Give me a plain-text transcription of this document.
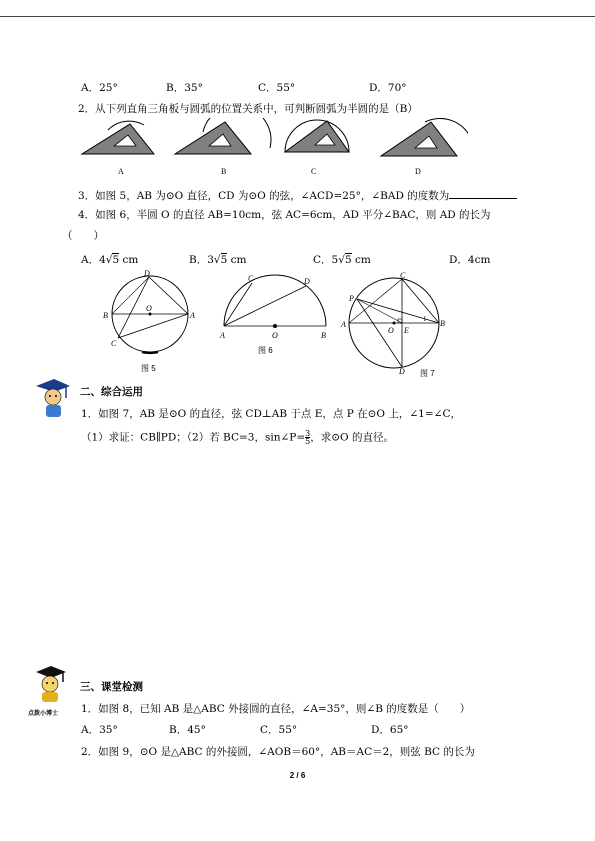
A．25°	B．35°	C．55°	D．70°
2．从下列直角三角板与圆弧的位置关系中，可判断圆弧为半圆的是（B）
A	B	C	D
3．如图 5，AB 为⊙O 直径，CD 为⊙O 的弦，∠ACD=25°，∠BAD 的度数为
4．如图 6，半圆 O 的直径 AB=10cm，弦 AC=6cm，AD 平分∠BAC，则 AD 的长为
（　　）
A．4√5 cm	B．3√5 cm	C．5√5 cm	D．4cm
D
C
B
O
A
图 5
C	D
A	O	B
图 6
C
P
A
O E
B
D
1
图 7
二、综合运用
1．如图 7，AB 是⊙O 的直径，弦 CD⊥AB 于点 E，点 P 在⊙O 上，∠1=∠C，
（1）求证：CB∥PD；（2）若 BC=3，sin∠P= $\frac{3}{5}$ ，求⊙O 的直径。
点拨小博士
三、课堂检测
1．如图 8，已知 AB 是△ABC 外接圆的直径，∠A=35°，则∠B 的度数是（　　）
A．35°	B．45°	C．55°	D．65°
2．如图 9，⊙O 是△ABC 的外接圆，∠AOB＝60°，AB＝AC＝2，则弦 BC 的长为
2 / 6
